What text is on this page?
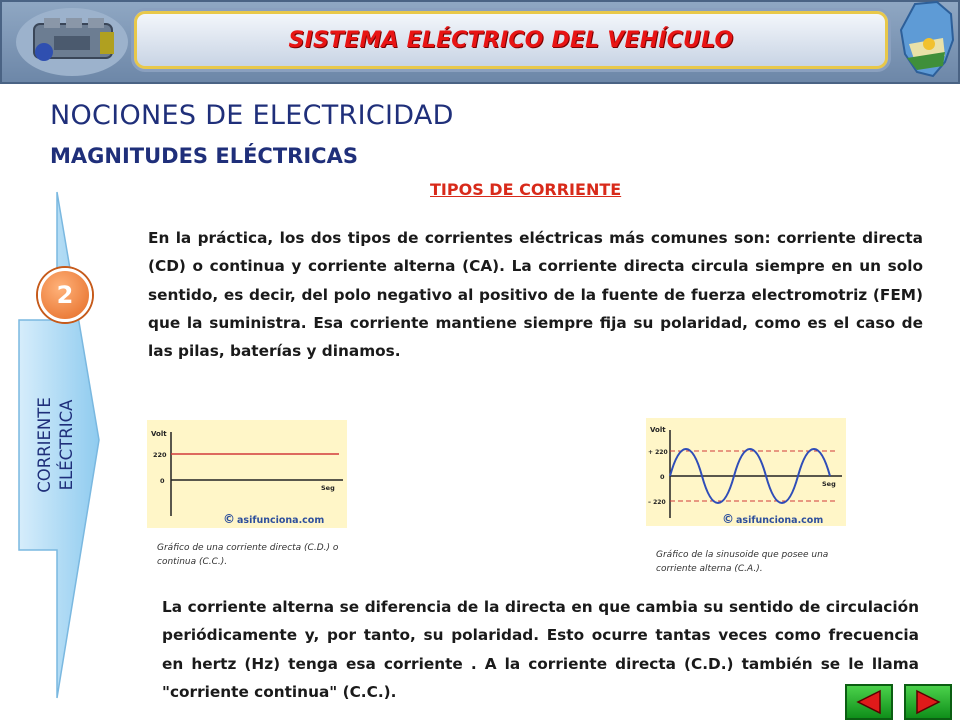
SISTEMA ELÉCTRICO DEL VEHÍCULO
NOCIONES DE ELECTRICIDAD
MAGNITUDES ELÉCTRICAS
TIPOS DE CORRIENTE
2
CORRIENTE ELÉCTRICA

En la práctica, los dos tipos de corrientes eléctricas más comunes son: corriente directa (CD) o continua y corriente alterna (CA). La corriente directa circula siempre en un solo sentido, es decir, del polo negativo al positivo de la fuente de fuerza electromotriz (FEM) que la suministra. Esa corriente mantiene siempre fija su polaridad, como es el caso de las pilas, baterías y dinamos.

Volt
220
0
Seg
© asifunciona.com
Gráfico de una corriente directa (C.D.) o continua (C.C.).
Volt
+ 220
0
– 220
Seg
© asifunciona.com
Gráfico de la sinusoide que posee una corriente alterna (C.A.).

La corriente alterna se diferencia de la directa en que cambia su sentido de circulación periódicamente y, por tanto, su polaridad. Esto ocurre tantas veces como frecuencia en hertz (Hz) tenga esa corriente . A la corriente directa (C.D.) también se le llama "corriente continua" (C.C.).
